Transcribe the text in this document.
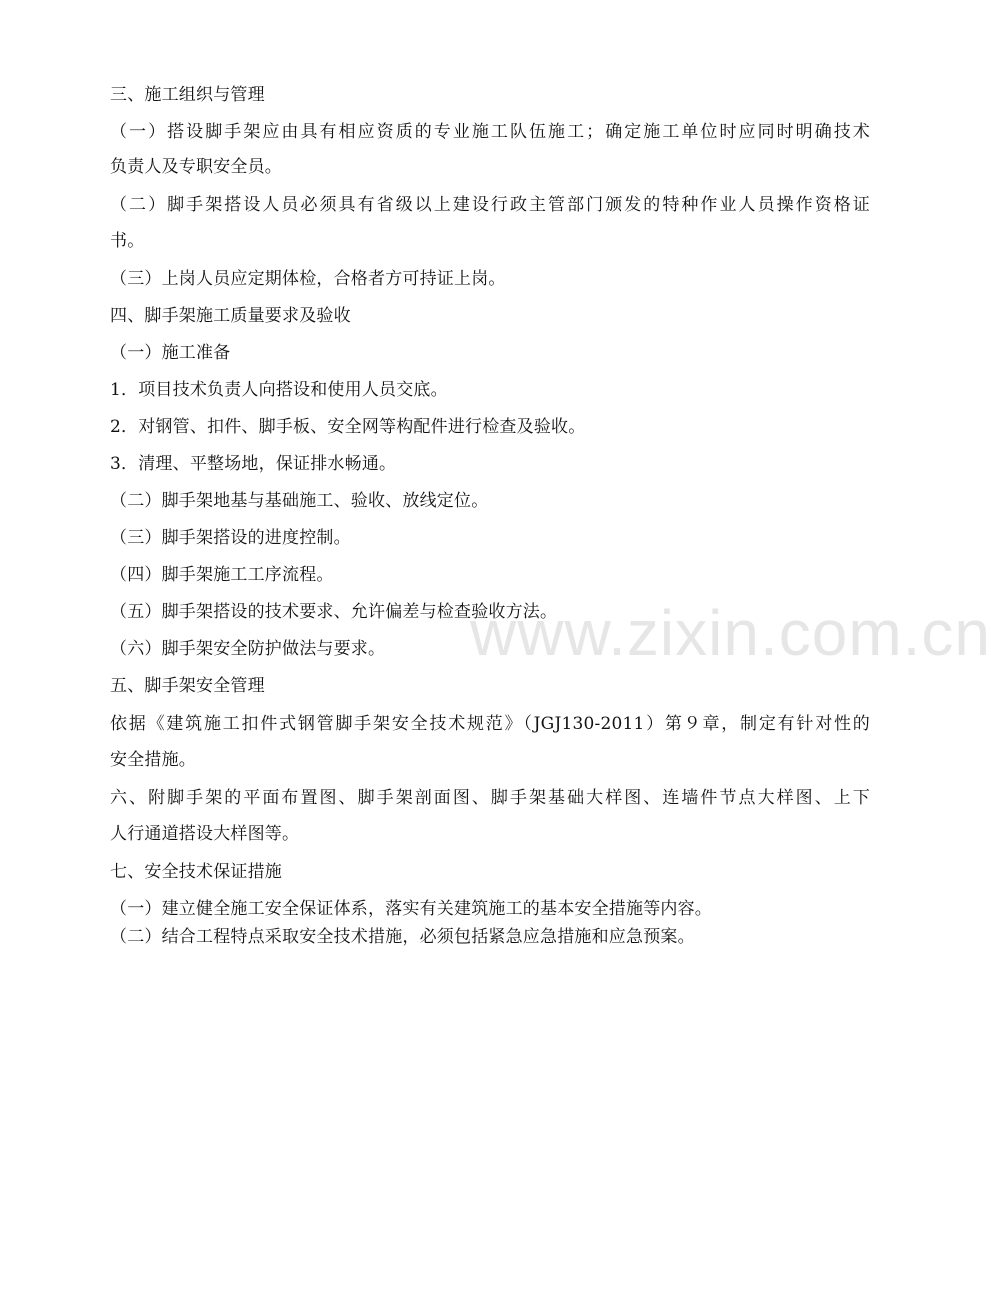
www.zixin.com.cn
三、施工组织与管理
（一）搭设脚手架应由具有相应资质的专业施工队伍施工；确定施工单位时应同时明确技术
负责人及专职安全员。
（二）脚手架搭设人员必须具有省级以上建设行政主管部门颁发的特种作业人员操作资格证
书。
（三）上岗人员应定期体检，合格者方可持证上岗。
四、脚手架施工质量要求及验收
（一）施工准备
1．项目技术负责人向搭设和使用人员交底。
2．对钢管、扣件、脚手板、安全网等构配件进行检查及验收。
3．清理、平整场地，保证排水畅通。
（二）脚手架地基与基础施工、验收、放线定位。
（三）脚手架搭设的进度控制。
（四）脚手架施工工序流程。
（五）脚手架搭设的技术要求、允许偏差与检查验收方法。
（六）脚手架安全防护做法与要求。
五、脚手架安全管理
依据《建筑施工扣件式钢管脚手架安全技术规范》（JGJ130-2011）第９章，制定有针对性的
安全措施。
六、附脚手架的平面布置图、脚手架剖面图、脚手架基础大样图、连墙件节点大样图、上下
人行通道搭设大样图等。
七、安全技术保证措施
（一）建立健全施工安全保证体系，落实有关建筑施工的基本安全措施等内容。
（二）结合工程特点采取安全技术措施，必须包括紧急应急措施和应急预案。
